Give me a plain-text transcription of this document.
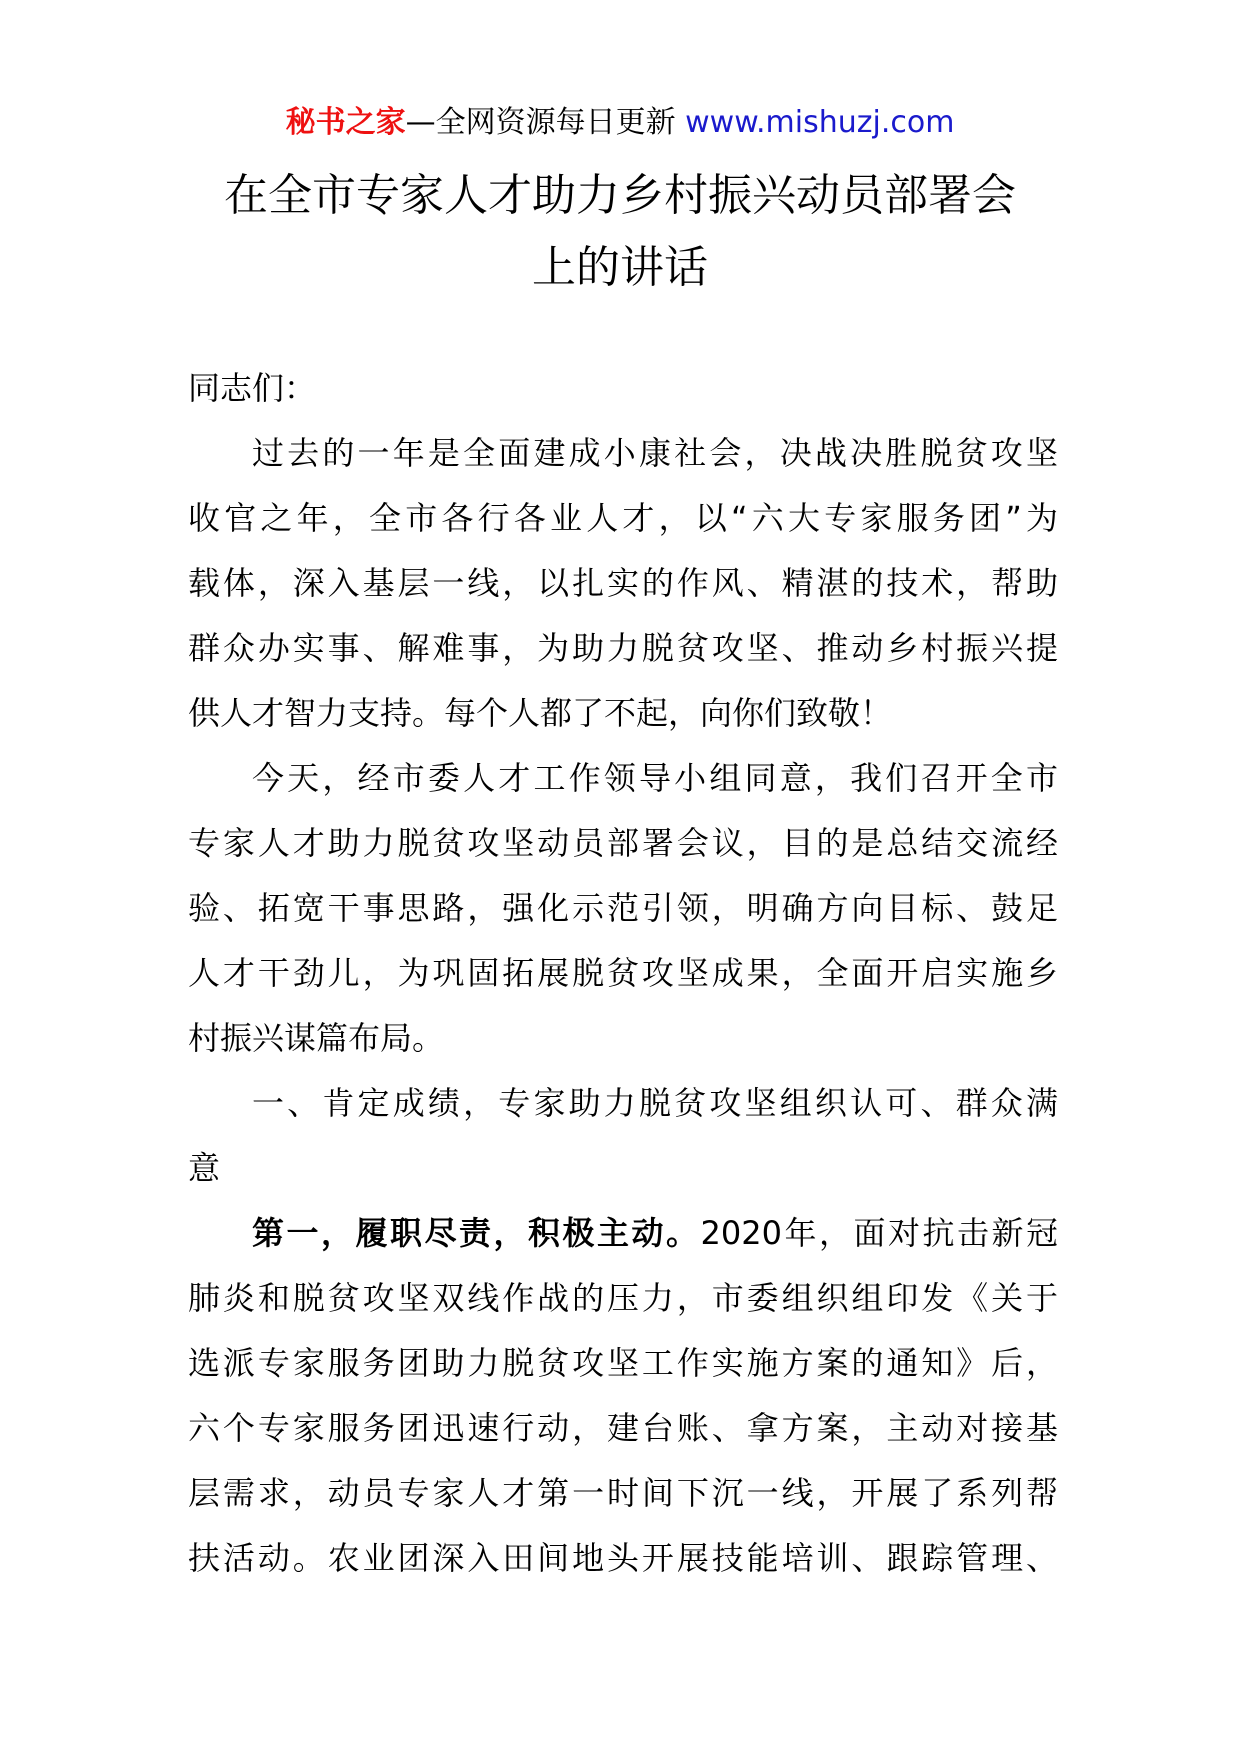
秘书之家—全网资源每日更新 www.mishuzj.com
在全市专家人才助力乡村振兴动员部署会
上的讲话
同志们：
过去的一年是全面建成小康社会，决战决胜脱贫攻坚
收官之年，全市各行各业人才，以“六大专家服务团”为
载体，深入基层一线，以扎实的作风、精湛的技术，帮助
群众办实事、解难事，为助力脱贫攻坚、推动乡村振兴提
供人才智力支持。每个人都了不起，向你们致敬！
今天，经市委人才工作领导小组同意，我们召开全市
专家人才助力脱贫攻坚动员部署会议，目的是总结交流经
验、拓宽干事思路，强化示范引领，明确方向目标、鼓足
人才干劲儿，为巩固拓展脱贫攻坚成果，全面开启实施乡
村振兴谋篇布局。
一、肯定成绩，专家助力脱贫攻坚组织认可、群众满
意
第一，履职尽责，积极主动。2020年，面对抗击新冠
肺炎和脱贫攻坚双线作战的压力，市委组织组印发《关于
选派专家服务团助力脱贫攻坚工作实施方案的通知》后，
六个专家服务团迅速行动，建台账、拿方案，主动对接基
层需求，动员专家人才第一时间下沉一线，开展了系列帮
扶活动。农业团深入田间地头开展技能培训、跟踪管理、
